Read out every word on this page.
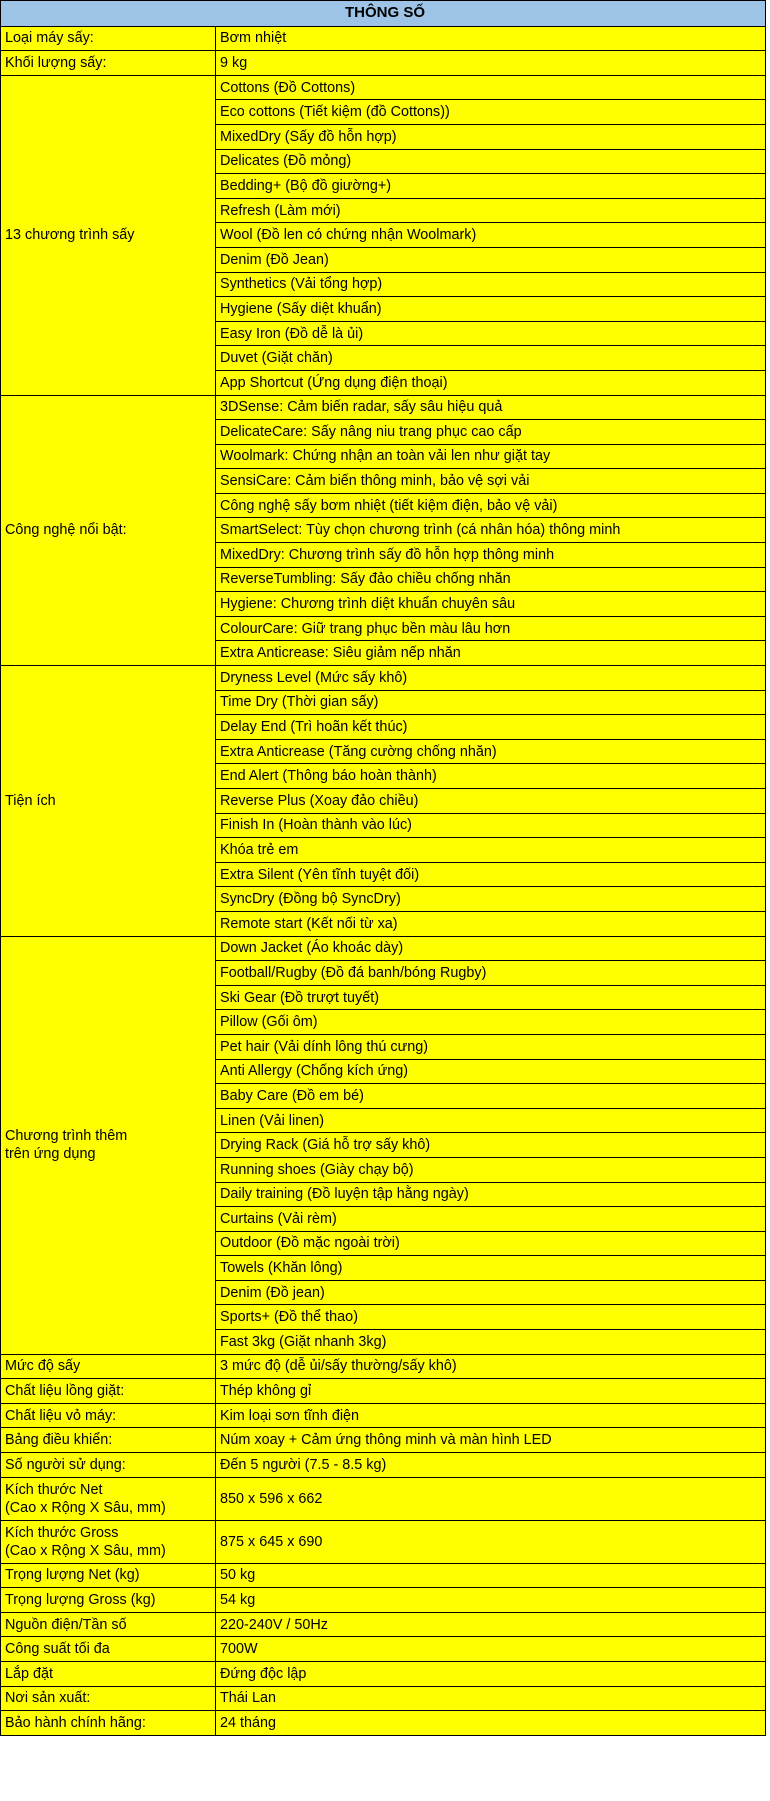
THÔNG SỐ	
Loại máy sấy:	Bơm nhiệt
Khối lượng sấy:	9 kg
13 chương trình sấy	Cottons (Đồ Cottons)
	Eco cottons (Tiết kiệm (đồ Cottons))
	MixedDry (Sấy đồ hỗn hợp)
	Delicates (Đồ mỏng)
	Bedding+ (Bộ đồ giường+)
	Refresh (Làm mới)
	Wool (Đồ len có chứng nhận Woolmark)
	Denim (Đồ Jean)
	Synthetics (Vải tổng hợp)
	Hygiene (Sấy diệt khuẩn)
	Easy Iron (Đồ dễ là ủi)
	Duvet (Giặt chăn)
	App Shortcut (Ứng dụng điện thoại)
Công nghệ nổi bật:	3DSense: Cảm biến radar, sấy sâu hiệu quả
	DelicateCare: Sấy nâng niu trang phục cao cấp
	Woolmark: Chứng nhận an toàn vải len như giặt tay
	SensiCare: Cảm biến thông minh, bảo vệ sợi vải
	Công nghệ sấy bơm nhiệt (tiết kiệm điện, bảo vệ vải)
	SmartSelect: Tùy chọn chương trình (cá nhân hóa) thông minh
	MixedDry: Chương trình sấy đồ hỗn hợp thông minh
	ReverseTumbling: Sấy đảo chiều chống nhăn
	Hygiene: Chương trình diệt khuẩn chuyên sâu
	ColourCare: Giữ trang phục bền màu lâu hơn
	Extra Anticrease: Siêu giảm nếp nhăn
Tiện ích	Dryness Level (Mức sấy khô)
	Time Dry (Thời gian sấy)
	Delay End (Trì hoãn kết thúc)
	Extra Anticrease (Tăng cường chống nhăn)
	End Alert (Thông báo hoàn thành)
	Reverse Plus (Xoay đảo chiều)
	Finish In (Hoàn thành vào lúc)
	Khóa trẻ em
	Extra Silent (Yên tĩnh tuyệt đối)
	SyncDry (Đồng bộ SyncDry)
	Remote start (Kết nối từ xa)
Chương trình thêm
trên ứng dụng	Down Jacket (Áo khoác dày)
	Football/Rugby (Đồ đá banh/bóng Rugby)
	Ski Gear (Đồ trượt tuyết)
	Pillow (Gối ôm)
	Pet hair (Vải dính lông thú cưng)
	Anti Allergy (Chống kích ứng)
	Baby Care (Đồ em bé)
	Linen (Vải linen)
	Drying Rack (Giá hỗ trợ sấy khô)
	Running shoes (Giày chạy bộ)
	Daily training (Đồ luyện tập hằng ngày)
	Curtains (Vải rèm)
	Outdoor (Đồ mặc ngoài trời)
	Towels (Khăn lông)
	Denim (Đồ jean)
	Sports+ (Đồ thể thao)
	Fast 3kg (Giặt nhanh 3kg)
Mức độ sấy	3 mức độ (dễ ủi/sấy thường/sấy khô)
Chất liệu lồng giặt:	Thép không gỉ
Chất liệu vỏ máy:	Kim loại sơn tĩnh điện
Bảng điều khiển:	Núm xoay + Cảm ứng thông minh và màn hình LED
Số người sử dụng:	Đến 5 người (7.5 - 8.5 kg)
Kích thước Net
(Cao x Rộng X Sâu, mm)	850 x 596 x 662
Kích thước Gross
(Cao x Rộng X Sâu, mm)	875 x 645 x 690
Trọng lượng Net (kg)	50 kg
Trọng lượng Gross (kg)	54 kg
Nguồn điện/Tần số	220-240V / 50Hz
Công suất tối đa	700W
Lắp đặt	Đứng độc lập
Nơi sản xuất:	Thái Lan
Bảo hành chính hãng:	24 tháng
